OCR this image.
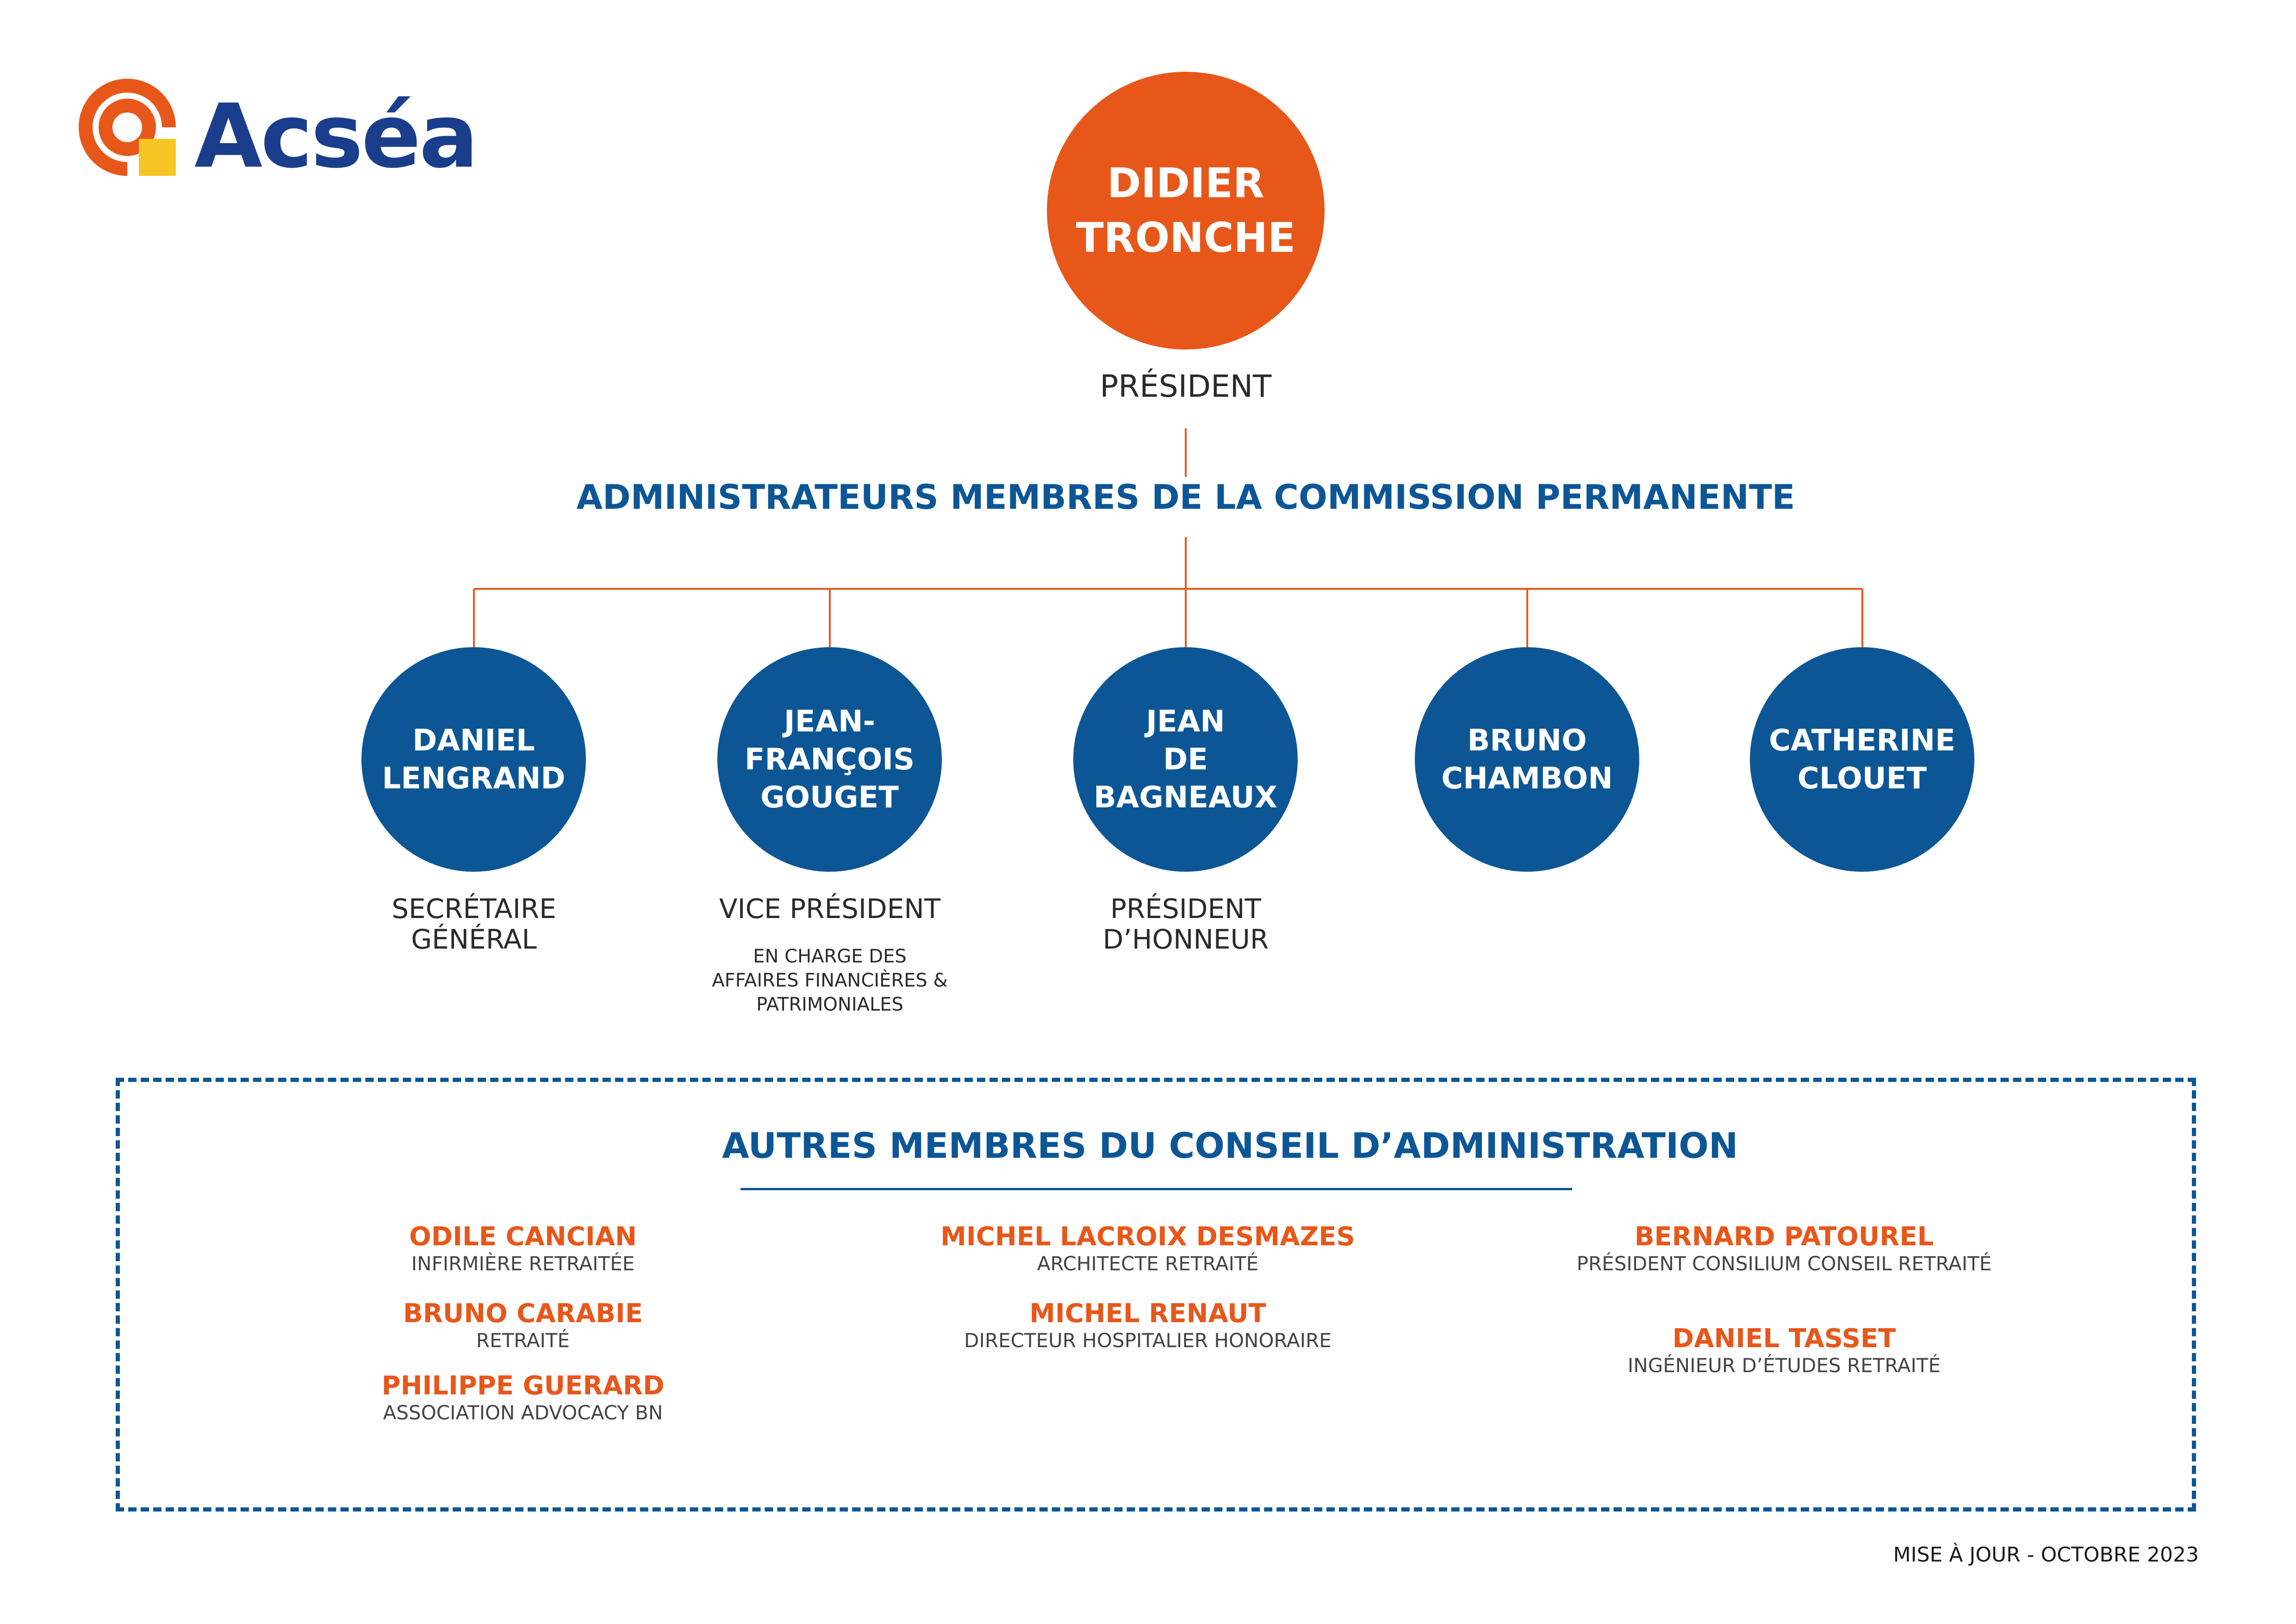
Acséa	DIDIER
TRONCHE
PRÉSIDENT
ADMINISTRATEURS MEMBRES DE LA COMMISSION PERMANENTE
DANIEL
LENGRAND
SECRÉTAIRE
GÉNÉRAL
JEAN-
FRANÇOIS
GOUGET
VICE PRÉSIDENT
EN CHARGE DES
AFFAIRES FINANCIÈRES &
PATRIMONIALES
JEAN
DE
BAGNEAUX
PRÉSIDENT
D’HONNEUR
BRUNO
CHAMBON
CATHERINE
CLOUET
AUTRES MEMBRES DU CONSEIL D’ADMINISTRATION
ODILE CANCIAN
INFIRMIÈRE RETRAITÉE
BRUNO CARABIE
RETRAITÉ
PHILIPPE GUERARD
ASSOCIATION ADVOCACY BN
MICHEL LACROIX DESMAZES
ARCHITECTE RETRAITÉ
MICHEL RENAUT
DIRECTEUR HOSPITALIER HONORAIRE
BERNARD PATOUREL
PRÉSIDENT CONSILIUM CONSEIL RETRAITÉ
DANIEL TASSET
INGÉNIEUR D’ÉTUDES RETRAITÉ
MISE À JOUR - OCTOBRE 2023
